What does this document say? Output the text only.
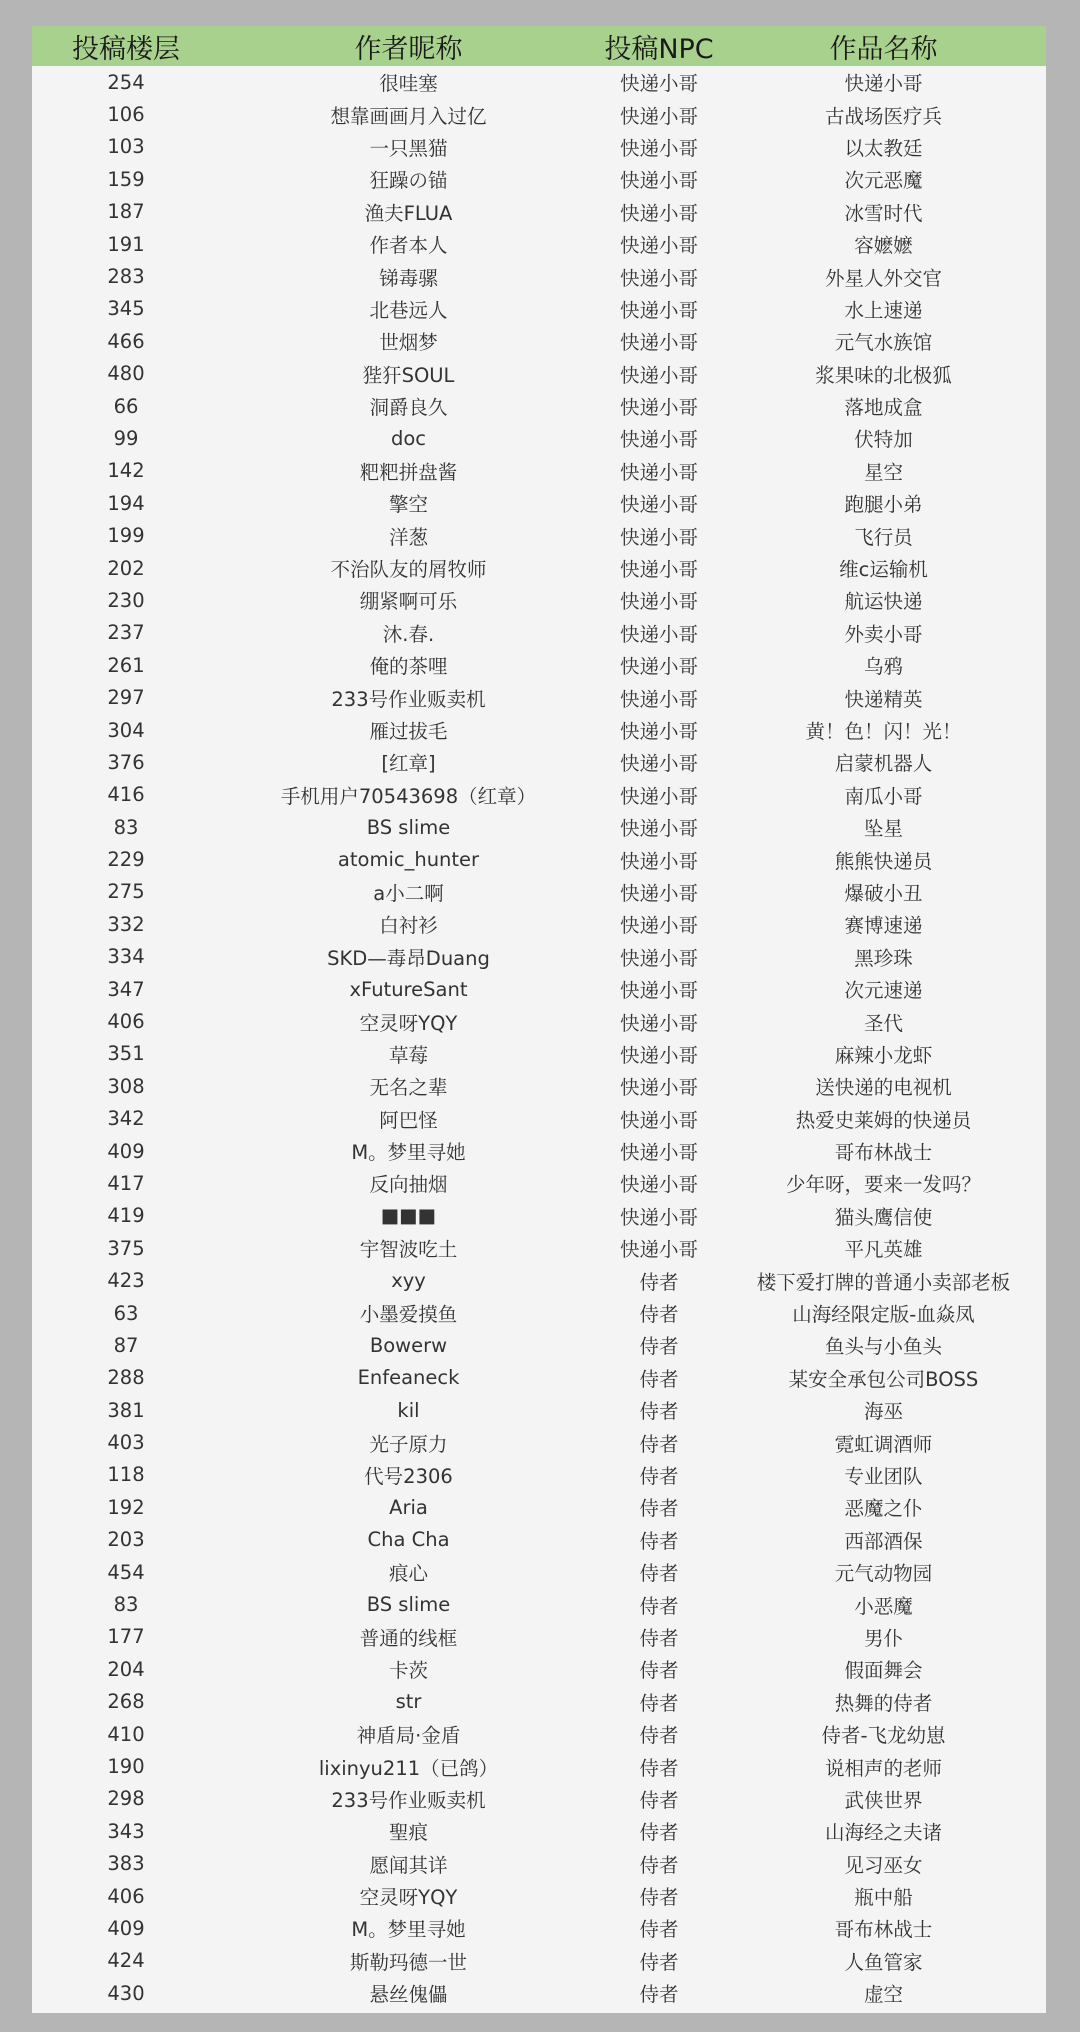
投稿楼层	作者昵称	投稿NPC	作品名称
254	很哇塞	快递小哥	快递小哥
106	想靠画画月入过亿	快递小哥	古战场医疗兵
103	一只黑猫	快递小哥	以太教廷
159	狂躁の锚	快递小哥	次元恶魔
187	渔夫FLUA	快递小哥	冰雪时代
191	作者本人	快递小哥	容嬷嬷
283	锑毒骡	快递小哥	外星人外交官
345	北巷远人	快递小哥	水上速递
466	世烟梦	快递小哥	元气水族馆
480	狴犴SOUL	快递小哥	浆果味的北极狐
66	洞爵良久	快递小哥	落地成盒
99	doc	快递小哥	伏特加
142	粑粑拼盘酱	快递小哥	星空
194	擎空	快递小哥	跑腿小弟
199	洋葱	快递小哥	飞行员
202	不治队友的屑牧师	快递小哥	维c运输机
230	绷紧啊可乐	快递小哥	航运快递
237	沐.春.	快递小哥	外卖小哥
261	俺的茶哩	快递小哥	乌鸦
297	233号作业贩卖机	快递小哥	快递精英
304	雁过拔毛	快递小哥	黄！色！闪！光！
376	[红章]	快递小哥	启蒙机器人
416	手机用户70543698（红章）	快递小哥	南瓜小哥
83	BS slime	快递小哥	坠星
229	atomic_hunter	快递小哥	熊熊快递员
275	a小二啊	快递小哥	爆破小丑
332	白衬衫	快递小哥	赛博速递
334	SKD—毒昂Duang	快递小哥	黑珍珠
347	xFutureSant	快递小哥	次元速递
406	空灵呀YQY	快递小哥	圣代
351	草莓	快递小哥	麻辣小龙虾
308	无名之辈	快递小哥	送快递的电视机
342	阿巴怪	快递小哥	热爱史莱姆的快递员
409	M。梦里寻她	快递小哥	哥布林战士
417	反向抽烟	快递小哥	少年呀，要来一发吗？
419	■■■	快递小哥	猫头鹰信使
375	宇智波吃土	快递小哥	平凡英雄
423	xyy	侍者	楼下爱打牌的普通小卖部老板
63	小墨爱摸鱼	侍者	山海经限定版-血焱凤
87	Bowerw	侍者	鱼头与小鱼头
288	Enfeaneck	侍者	某安全承包公司BOSS
381	kil	侍者	海巫
403	光子原力	侍者	霓虹调酒师
118	代号2306	侍者	专业团队
192	Aria	侍者	恶魔之仆
203	Cha Cha	侍者	西部酒保
454	痕心	侍者	元气动物园
83	BS slime	侍者	小恶魔
177	普通的线框	侍者	男仆
204	卡茨	侍者	假面舞会
268	str	侍者	热舞的侍者
410	神盾局·金盾	侍者	侍者-飞龙幼崽
190	lixinyu211（已鸽）	侍者	说相声的老师
298	233号作业贩卖机	侍者	武侠世界
343	聖痕	侍者	山海经之夫诸
383	愿闻其详	侍者	见习巫女
406	空灵呀YQY	侍者	瓶中船
409	M。梦里寻她	侍者	哥布林战士
424	斯勒玛德一世	侍者	人鱼管家
430	悬丝傀儡	侍者	虚空
